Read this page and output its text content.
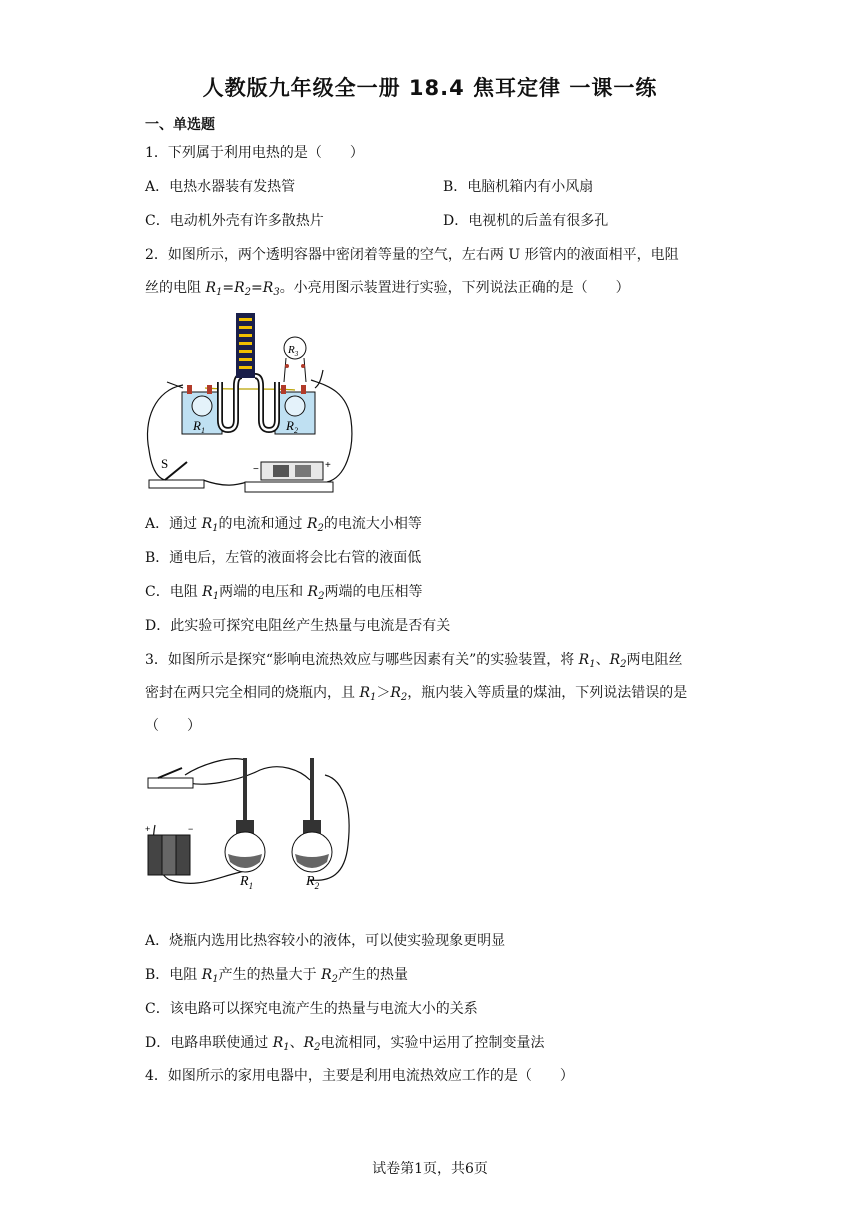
人教版九年级全一册 18.4 焦耳定律 一课一练
一、单选题
1．下列属于利用电热的是（　　）
A．电热水器装有发热管	B．电脑机箱内有小风扇
C．电动机外壳有许多散热片	D．电视机的后盖有很多孔
2．如图所示，两个透明容器中密闭着等量的空气，左右两 U 形管内的液面相平，电阻
丝的电阻 $R_1=R_2=R_3$。小亮用图示装置进行实验，下列说法正确的是（　　）
$R_3$
$R_1$	$R_2$
S	−	+
A．通过 $R_1$的电流和通过 $R_2$的电流大小相等
B．通电后，左管的液面将会比右管的液面低
C．电阻 $R_1$两端的电压和 $R_2$两端的电压相等
D．此实验可探究电阻丝产生热量与电流是否有关
3．如图所示是探究“影响电流热效应与哪些因素有关”的实验装置，将 $R_1$、$R_2$两电阻丝
密封在两只完全相同的烧瓶内，且 $R_1>R_2$，瓶内装入等质量的煤油，下列说法错误的是
（　　）
+	−
$R_1$	$R_2$
A．烧瓶内选用比热容较小的液体，可以使实验现象更明显
B．电阻 $R_1$产生的热量大于 $R_2$产生的热量
C．该电路可以探究电流产生的热量与电流大小的关系
D．电路串联使通过 $R_1$、$R_2$电流相同，实验中运用了控制变量法
4．如图所示的家用电器中，主要是利用电流热效应工作的是（　　）
试卷第1页，共6页
